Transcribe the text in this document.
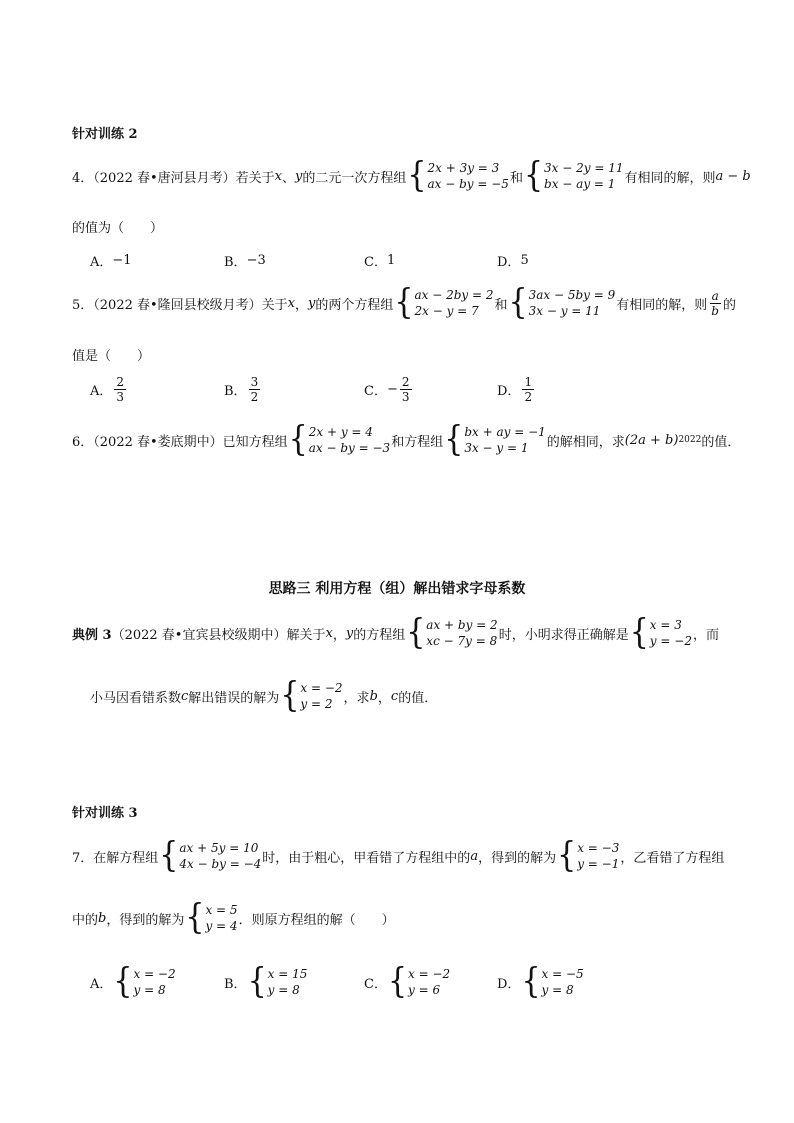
针对训练 2
4．（2022 春•唐河县月考）若关于 x 、 y 的二元一次方程组 { 2x + 3y = 3
ax − by = −5 和 { 3x − 2y = 11
bx − ay = 1 有相同的解，则 a − b
的值为（　　）
A． −1	B． −3	C． 1	D． 5
5．（2022 春•隆回县校级月考）关于 x ， y 的两个方程组 { ax − 2by = 2
2x − y = 7	和 { 3ax − 5by = 9
3x − y = 11	有相同的解，则 $\frac{a}{b}$ 的
值是（　　）
A． $\frac{2}{3}$	B． $\frac{3}{2}$	C． − $\frac{2}{3}$	D． $\frac{1}{2}$
6．（2022 春•娄底期中）已知方程组 { 2x + y = 4
ax − by = −3 和方程组 { bx + ay = −1
3x − y = 1	的解相同，求 (2a + b) 2022 的值．
思路三 利用方程（组）解出错求字母系数
典例 3 （2022 春•宜宾县校级期中）解关于 x ， y 的方程组 { ax + by = 2
xc − 7y = 8 时，小明求得正确解是 { x = 3
y = −2 ，而
小马因看错系数 c 解出错误的解为 { x = −2
y = 2 ，求 b ， c 的值．
针对训练 3
7．在解方程组 { ax + 5y = 10
4x − by = −4 时，由于粗心，甲看错了方程组中的 a ，得到的解为 { x = −3
y = −1 ，乙看错了方程组
中的 b ，得到的解为 { x = 5
y = 4 ．则原方程组的解（　　）
A． { x = −2
y = 8	B． { x = 15
y = 8	C． { x = −2
y = 6	D． { x = −5
y = 8
